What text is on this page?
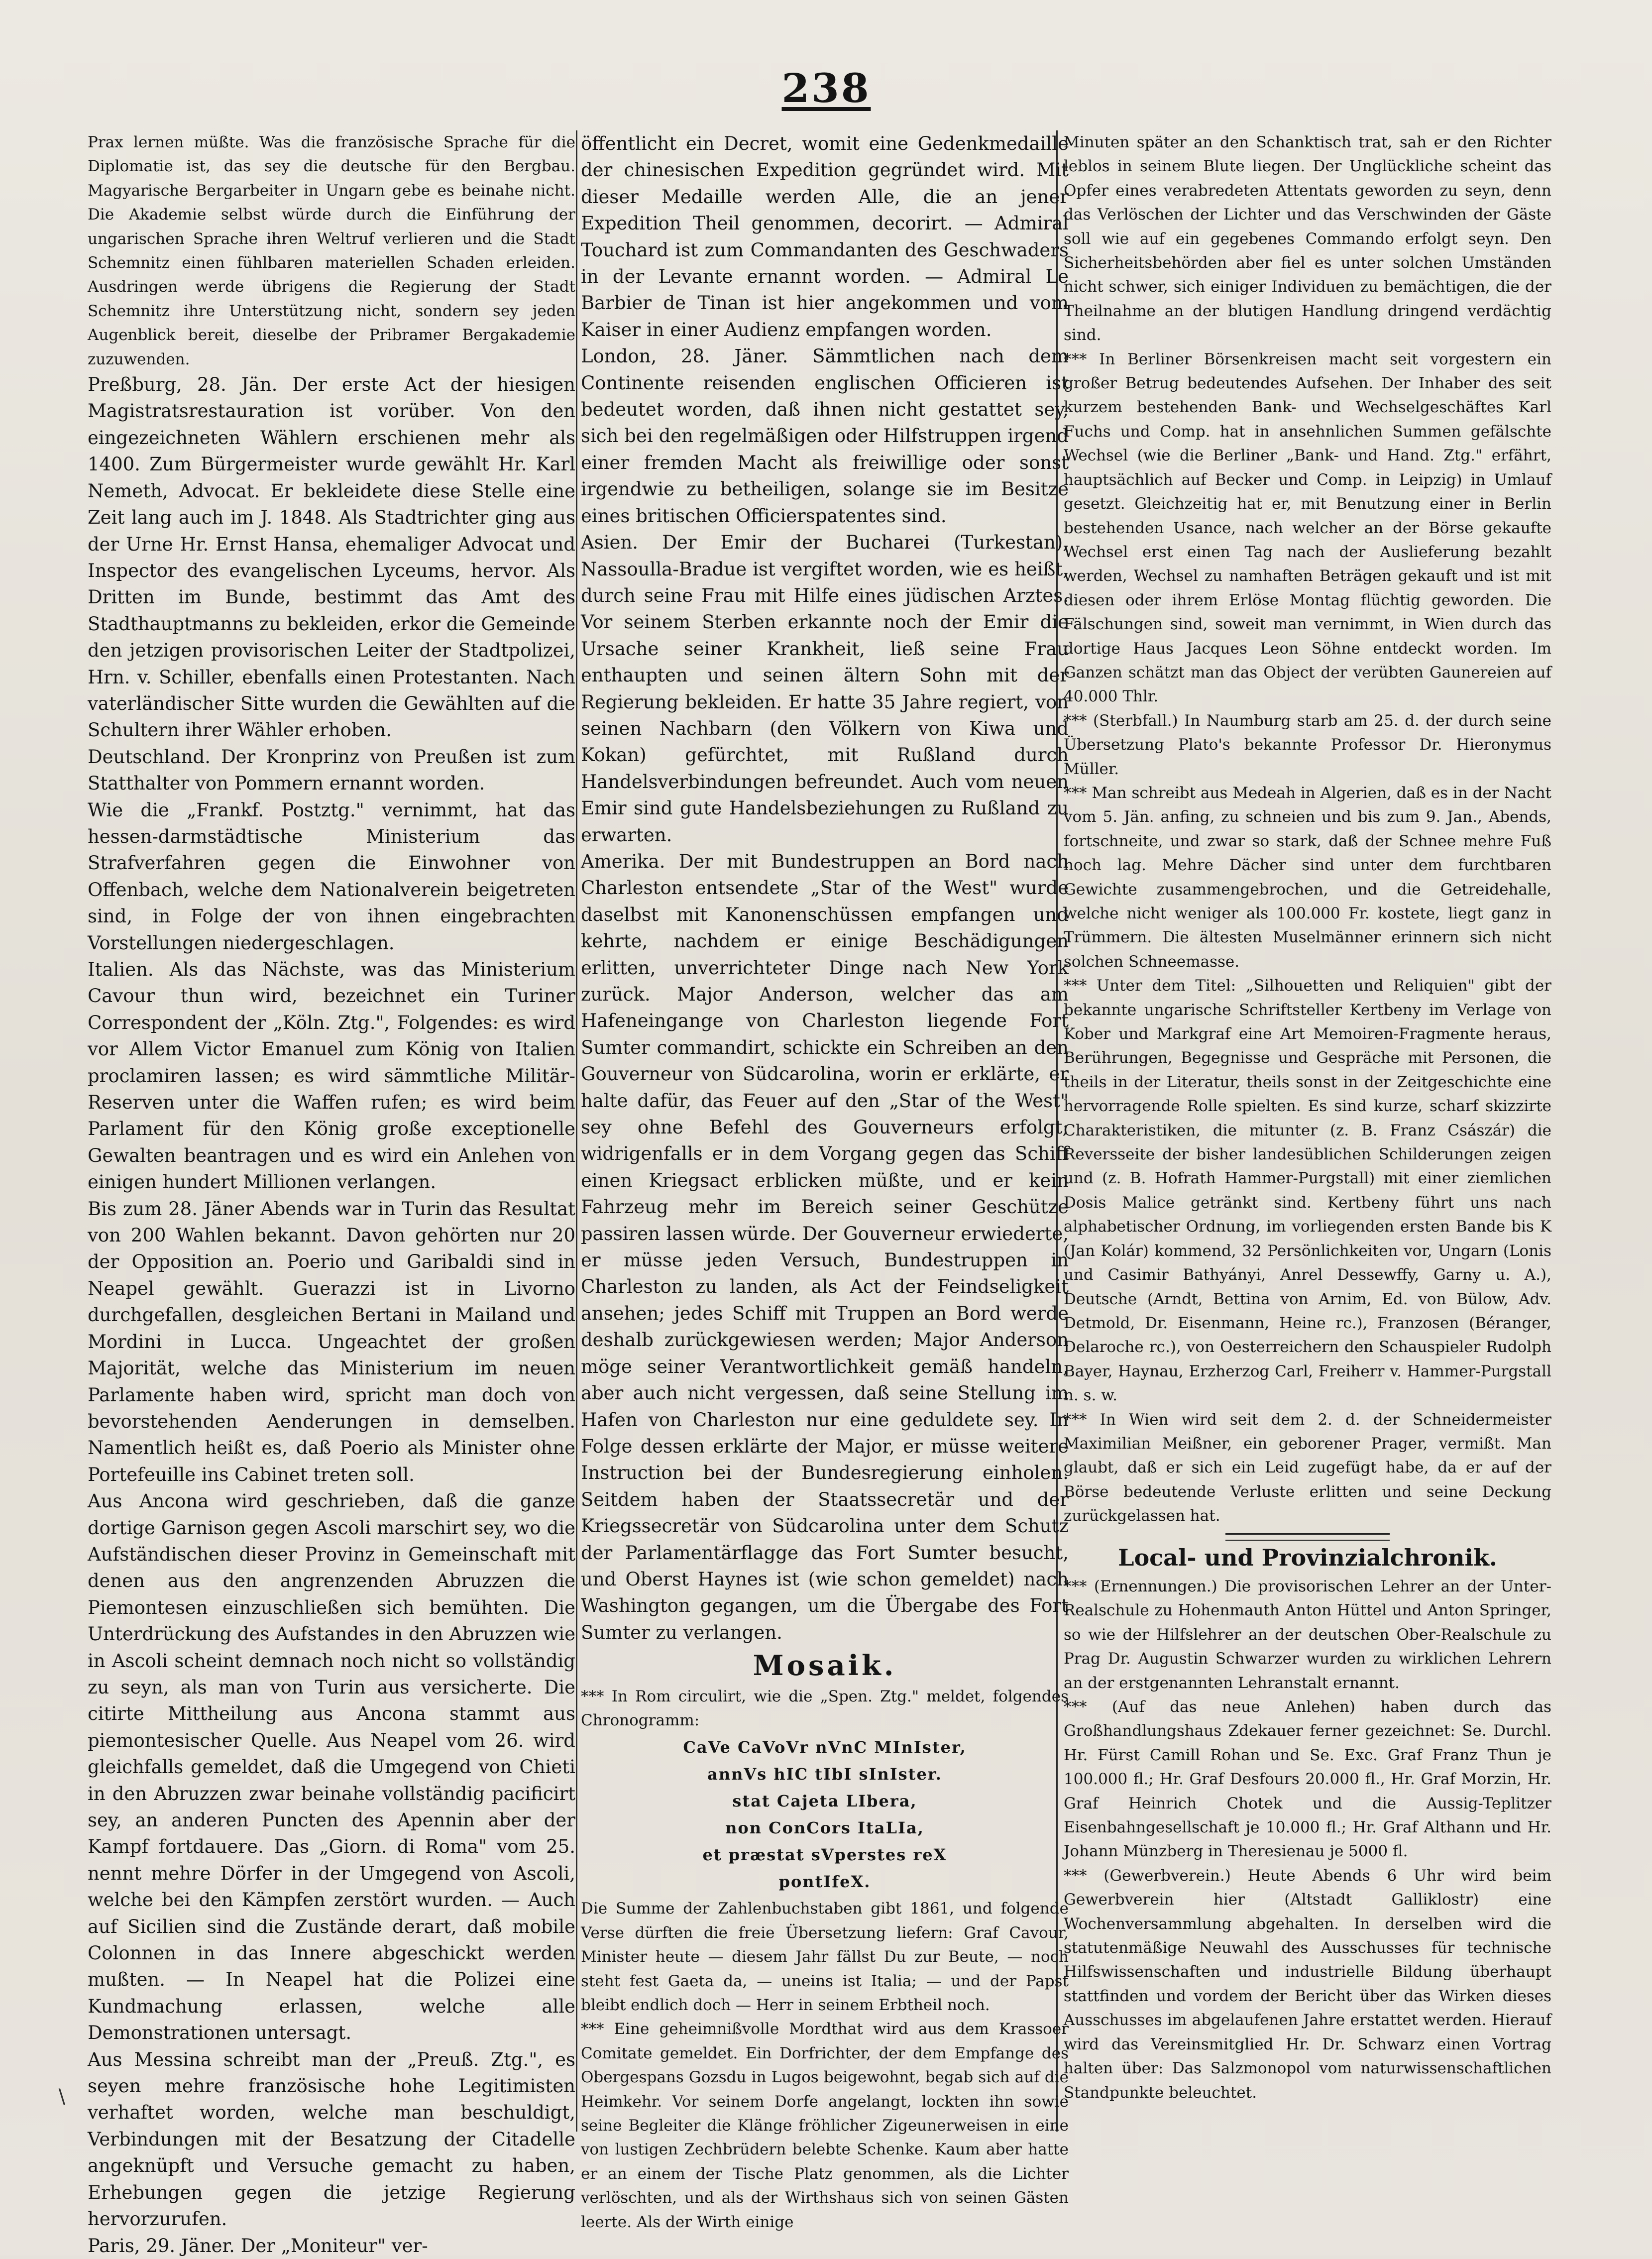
238

Prax lernen müßte. Was die französische Sprache für die Diplomatie ist, das sey die deutsche für den Bergbau. Magyarische Bergarbeiter in Ungarn gebe es beinahe nicht. Die Akademie selbst würde durch die Einführung der ungarischen Sprache ihren Weltruf verlieren und die Stadt Schemnitz einen fühlbaren materiellen Schaden erleiden. Ausdringen werde übrigens die Regierung der Stadt Schemnitz ihre Unterstützung nicht, sondern sey jeden Augenblick bereit, dieselbe der Pribramer Bergakademie zuzuwenden.

Preßburg, 28. Jän. Der erste Act der hiesigen Magistratsrestauration ist vorüber. Von den eingezeichneten Wählern erschienen mehr als 1400. Zum Bürgermeister wurde gewählt Hr. Karl Nemeth, Advocat. Er bekleidete diese Stelle eine Zeit lang auch im J. 1848. Als Stadtrichter ging aus der Urne Hr. Ernst Hansa, ehemaliger Advocat und Inspector des evangelischen Lyceums, hervor. Als Dritten im Bunde, bestimmt das Amt des Stadthauptmanns zu bekleiden, erkor die Gemeinde den jetzigen provisorischen Leiter der Stadtpolizei, Hrn. v. Schiller, ebenfalls einen Protestanten. Nach vaterländischer Sitte wurden die Gewählten auf die Schultern ihrer Wähler erhoben.

Deutschland. Der Kronprinz von Preußen ist zum Statthalter von Pommern ernannt worden.

Wie die „Frankf. Postztg." vernimmt, hat das hessen-darmstädtische Ministerium das Strafverfahren gegen die Einwohner von Offenbach, welche dem Nationalverein beigetreten sind, in Folge der von ihnen eingebrachten Vorstellungen niedergeschlagen.

Italien. Als das Nächste, was das Ministerium Cavour thun wird, bezeichnet ein Turiner Correspondent der „Köln. Ztg.", Folgendes: es wird vor Allem Victor Emanuel zum König von Italien proclamiren lassen; es wird sämmtliche Militär-Reserven unter die Waffen rufen; es wird beim Parlament für den König große exceptionelle Gewalten beantragen und es wird ein Anlehen von einigen hundert Millionen verlangen.

Bis zum 28. Jäner Abends war in Turin das Resultat von 200 Wahlen bekannt. Davon gehörten nur 20 der Opposition an. Poerio und Garibaldi sind in Neapel gewählt. Guerazzi ist in Livorno durchgefallen, desgleichen Bertani in Mailand und Mordini in Lucca. Ungeachtet der großen Majorität, welche das Ministerium im neuen Parlamente haben wird, spricht man doch von bevorstehenden Aenderungen in demselben. Namentlich heißt es, daß Poerio als Minister ohne Portefeuille ins Cabinet treten soll.

Aus Ancona wird geschrieben, daß die ganze dortige Garnison gegen Ascoli marschirt sey, wo die Aufständischen dieser Provinz in Gemeinschaft mit denen aus den angrenzenden Abruzzen die Piemontesen einzuschließen sich bemühten. Die Unterdrückung des Aufstandes in den Abruzzen wie in Ascoli scheint demnach noch nicht so vollständig zu seyn, als man von Turin aus versicherte. Die citirte Mittheilung aus Ancona stammt aus piemontesischer Quelle. Aus Neapel vom 26. wird gleichfalls gemeldet, daß die Umgegend von Chieti in den Abruzzen zwar beinahe vollständig pacificirt sey, an anderen Puncten des Apennin aber der Kampf fortdauere. Das „Giorn. di Roma" vom 25. nennt mehre Dörfer in der Umgegend von Ascoli, welche bei den Kämpfen zerstört wurden. — Auch auf Sicilien sind die Zustände derart, daß mobile Colonnen in das Innere abgeschickt werden mußten. — In Neapel hat die Polizei eine Kundmachung erlassen, welche alle Demonstrationen untersagt.

Aus Messina schreibt man der „Preuß. Ztg.", es seyen mehre französische hohe Legitimisten verhaftet worden, welche man beschuldigt, Verbindungen mit der Besatzung der Citadelle angeknüpft und Versuche gemacht zu haben, Erhebungen gegen die jetzige Regierung hervorzurufen.

Paris, 29. Jäner. Der „Moniteur" ver-

öffentlicht ein Decret, womit eine Gedenkmedaille der chinesischen Expedition gegründet wird. Mit dieser Medaille werden Alle, die an jener Expedition Theil genommen, decorirt. — Admiral Touchard ist zum Commandanten des Geschwaders in der Levante ernannt worden. — Admiral Le Barbier de Tinan ist hier angekommen und vom Kaiser in einer Audienz empfangen worden.

London, 28. Jäner. Sämmtlichen nach dem Continente reisenden englischen Officieren ist bedeutet worden, daß ihnen nicht gestattet sey, sich bei den regelmäßigen oder Hilfstruppen irgend einer fremden Macht als freiwillige oder sonst irgendwie zu betheiligen, solange sie im Besitze eines britischen Officierspatentes sind.

Asien. Der Emir der Bucharei (Turkestan), Nassoulla-Bradue ist vergiftet worden, wie es heißt, durch seine Frau mit Hilfe eines jüdischen Arztes. Vor seinem Sterben erkannte noch der Emir die Ursache seiner Krankheit, ließ seine Frau enthaupten und seinen ältern Sohn mit der Regierung bekleiden. Er hatte 35 Jahre regiert, von seinen Nachbarn (den Völkern von Kiwa und Kokan) gefürchtet, mit Rußland durch Handelsverbindungen befreundet. Auch vom neuen Emir sind gute Handelsbeziehungen zu Rußland zu erwarten.

Amerika. Der mit Bundestruppen an Bord nach Charleston entsendete „Star of the West" wurde daselbst mit Kanonenschüssen empfangen und kehrte, nachdem er einige Beschädigungen erlitten, unverrichteter Dinge nach New York zurück. Major Anderson, welcher das am Hafeneingange von Charleston liegende Fort Sumter commandirt, schickte ein Schreiben an den Gouverneur von Südcarolina, worin er erklärte, er halte dafür, das Feuer auf den „Star of the West" sey ohne Befehl des Gouverneurs erfolgt; widrigenfalls er in dem Vorgang gegen das Schiff einen Kriegsact erblicken müßte, und er kein Fahrzeug mehr im Bereich seiner Geschütze passiren lassen würde. Der Gouverneur erwiederte, er müsse jeden Versuch, Bundestruppen in Charleston zu landen, als Act der Feindseligkeit ansehen; jedes Schiff mit Truppen an Bord werde deshalb zurückgewiesen werden; Major Anderson möge seiner Verantwortlichkeit gemäß handeln, aber auch nicht vergessen, daß seine Stellung im Hafen von Charleston nur eine geduldete sey. In Folge dessen erklärte der Major, er müsse weitere Instruction bei der Bundesregierung einholen. Seitdem haben der Staatssecretär und der Kriegssecretär von Südcarolina unter dem Schutz der Parlamentärflagge das Fort Sumter besucht, und Oberst Haynes ist (wie schon gemeldet) nach Washington gegangen, um die Übergabe des Fort Sumter zu verlangen.

Mosaik.

*** In Rom circulirt, wie die „Spen. Ztg." meldet, folgendes Chronogramm:

CaVe CaVoVr nVnC MInIster,

annVs hIC tIbI sInIster.

stat Cajeta LIbera,

non ConCors ItaLIa,

et præstat sVperstes reX

pontIfeX.

Die Summe der Zahlenbuchstaben gibt 1861, und folgende Verse dürften die freie Übersetzung liefern: Graf Cavour, Minister heute — diesem Jahr fällst Du zur Beute, — noch steht fest Gaeta da, — uneins ist Italia; — und der Papst bleibt endlich doch — Herr in seinem Erbtheil noch.

*** Eine geheimnißvolle Mordthat wird aus dem Krassoer Comitate gemeldet. Ein Dorfrichter, der dem Empfange des Obergespans Gozsdu in Lugos beigewohnt, begab sich auf die Heimkehr. Vor seinem Dorfe angelangt, lockten ihn sowie seine Begleiter die Klänge fröhlicher Zigeunerweisen in eine von lustigen Zechbrüdern belebte Schenke. Kaum aber hatte er an einem der Tische Platz genommen, als die Lichter verlöschten, und als der Wirthshaus sich von seinen Gästen leerte. Als der Wirth einige

Minuten später an den Schanktisch trat, sah er den Richter leblos in seinem Blute liegen. Der Unglückliche scheint das Opfer eines verabredeten Attentats geworden zu seyn, denn das Verlöschen der Lichter und das Verschwinden der Gäste soll wie auf ein gegebenes Commando erfolgt seyn. Den Sicherheitsbehörden aber fiel es unter solchen Umständen nicht schwer, sich einiger Individuen zu bemächtigen, die der Theilnahme an der blutigen Handlung dringend verdächtig sind.

*** In Berliner Börsenkreisen macht seit vorgestern ein großer Betrug bedeutendes Aufsehen. Der Inhaber des seit kurzem bestehenden Bank- und Wechselgeschäftes Karl Fuchs und Comp. hat in ansehnlichen Summen gefälschte Wechsel (wie die Berliner „Bank- und Hand. Ztg." erfährt, hauptsächlich auf Becker und Comp. in Leipzig) in Umlauf gesetzt. Gleichzeitig hat er, mit Benutzung einer in Berlin bestehenden Usance, nach welcher an der Börse gekaufte Wechsel erst einen Tag nach der Auslieferung bezahlt werden, Wechsel zu namhaften Beträgen gekauft und ist mit diesen oder ihrem Erlöse Montag flüchtig geworden. Die Fälschungen sind, soweit man vernimmt, in Wien durch das dortige Haus Jacques Leon Söhne entdeckt worden. Im Ganzen schätzt man das Object der verübten Gaunereien auf 40.000 Thlr.

*** (Sterbfall.) In Naumburg starb am 25. d. der durch seine Übersetzung Plato's bekannte Professor Dr. Hieronymus Müller.

*** Man schreibt aus Medeah in Algerien, daß es in der Nacht vom 5. Jän. anfing, zu schneien und bis zum 9. Jan., Abends, fortschneite, und zwar so stark, daß der Schnee mehre Fuß hoch lag. Mehre Dächer sind unter dem furchtbaren Gewichte zusammengebrochen, und die Getreidehalle, welche nicht weniger als 100.000 Fr. kostete, liegt ganz in Trümmern. Die ältesten Muselmänner erinnern sich nicht solchen Schneemasse.

*** Unter dem Titel: „Silhouetten und Reliquien" gibt der bekannte ungarische Schriftsteller Kertbeny im Verlage von Kober und Markgraf eine Art Memoiren-Fragmente heraus, Berührungen, Begegnisse und Gespräche mit Personen, die theils in der Literatur, theils sonst in der Zeitgeschichte eine hervorragende Rolle spielten. Es sind kurze, scharf skizzirte Charakteristiken, die mitunter (z. B. Franz Császár) die Reversseite der bisher landesüblichen Schilderungen zeigen und (z. B. Hofrath Hammer-Purgstall) mit einer ziemlichen Dosis Malice getränkt sind. Kertbeny führt uns nach alphabetischer Ordnung, im vorliegenden ersten Bande bis K (Jan Kolár) kommend, 32 Persönlichkeiten vor, Ungarn (Lonis und Casimir Bathyányi, Anrel Dessewffy, Garny u. A.), Deutsche (Arndt, Bettina von Arnim, Ed. von Bülow, Adv. Detmold, Dr. Eisenmann, Heine rc.), Franzosen (Béranger, Delaroche rc.), von Oesterreichern den Schauspieler Rudolph Bayer, Haynau, Erzherzog Carl, Freiherr v. Hammer-Purgstall n. s. w.

*** In Wien wird seit dem 2. d. der Schneidermeister Maximilian Meißner, ein geborener Prager, vermißt. Man glaubt, daß er sich ein Leid zugefügt habe, da er auf der Börse bedeutende Verluste erlitten und seine Deckung zurückgelassen hat.

Local- und Provinzialchronik.

*** (Ernennungen.) Die provisorischen Lehrer an der Unter-Realschule zu Hohenmauth Anton Hüttel und Anton Springer, so wie der Hilfslehrer an der deutschen Ober-Realschule zu Prag Dr. Augustin Schwarzer wurden zu wirklichen Lehrern an der erstgenannten Lehranstalt ernannt.

*** (Auf das neue Anlehen) haben durch das Großhandlungshaus Zdekauer ferner gezeichnet: Se. Durchl. Hr. Fürst Camill Rohan und Se. Exc. Graf Franz Thun je 100.000 fl.; Hr. Graf Desfours 20.000 fl., Hr. Graf Morzin, Hr. Graf Heinrich Chotek und die Aussig-Teplitzer Eisenbahngesellschaft je 10.000 fl.; Hr. Graf Althann und Hr. Johann Münzberg in Theresienau je 5000 fl.

*** (Gewerbverein.) Heute Abends 6 Uhr wird beim Gewerbverein hier (Altstadt Galliklostr) eine Wochenversammlung abgehalten. In derselben wird die statutenmäßige Neuwahl des Ausschusses für technische Hilfswissenschaften und industrielle Bildung überhaupt stattfinden und vordem der Bericht über das Wirken dieses Ausschusses im abgelaufenen Jahre erstattet werden. Hierauf wird das Vereinsmitglied Hr. Dr. Schwarz einen Vortrag halten über: Das Salzmonopol vom naturwissenschaftlichen Standpunkte beleuchtet.

∖
